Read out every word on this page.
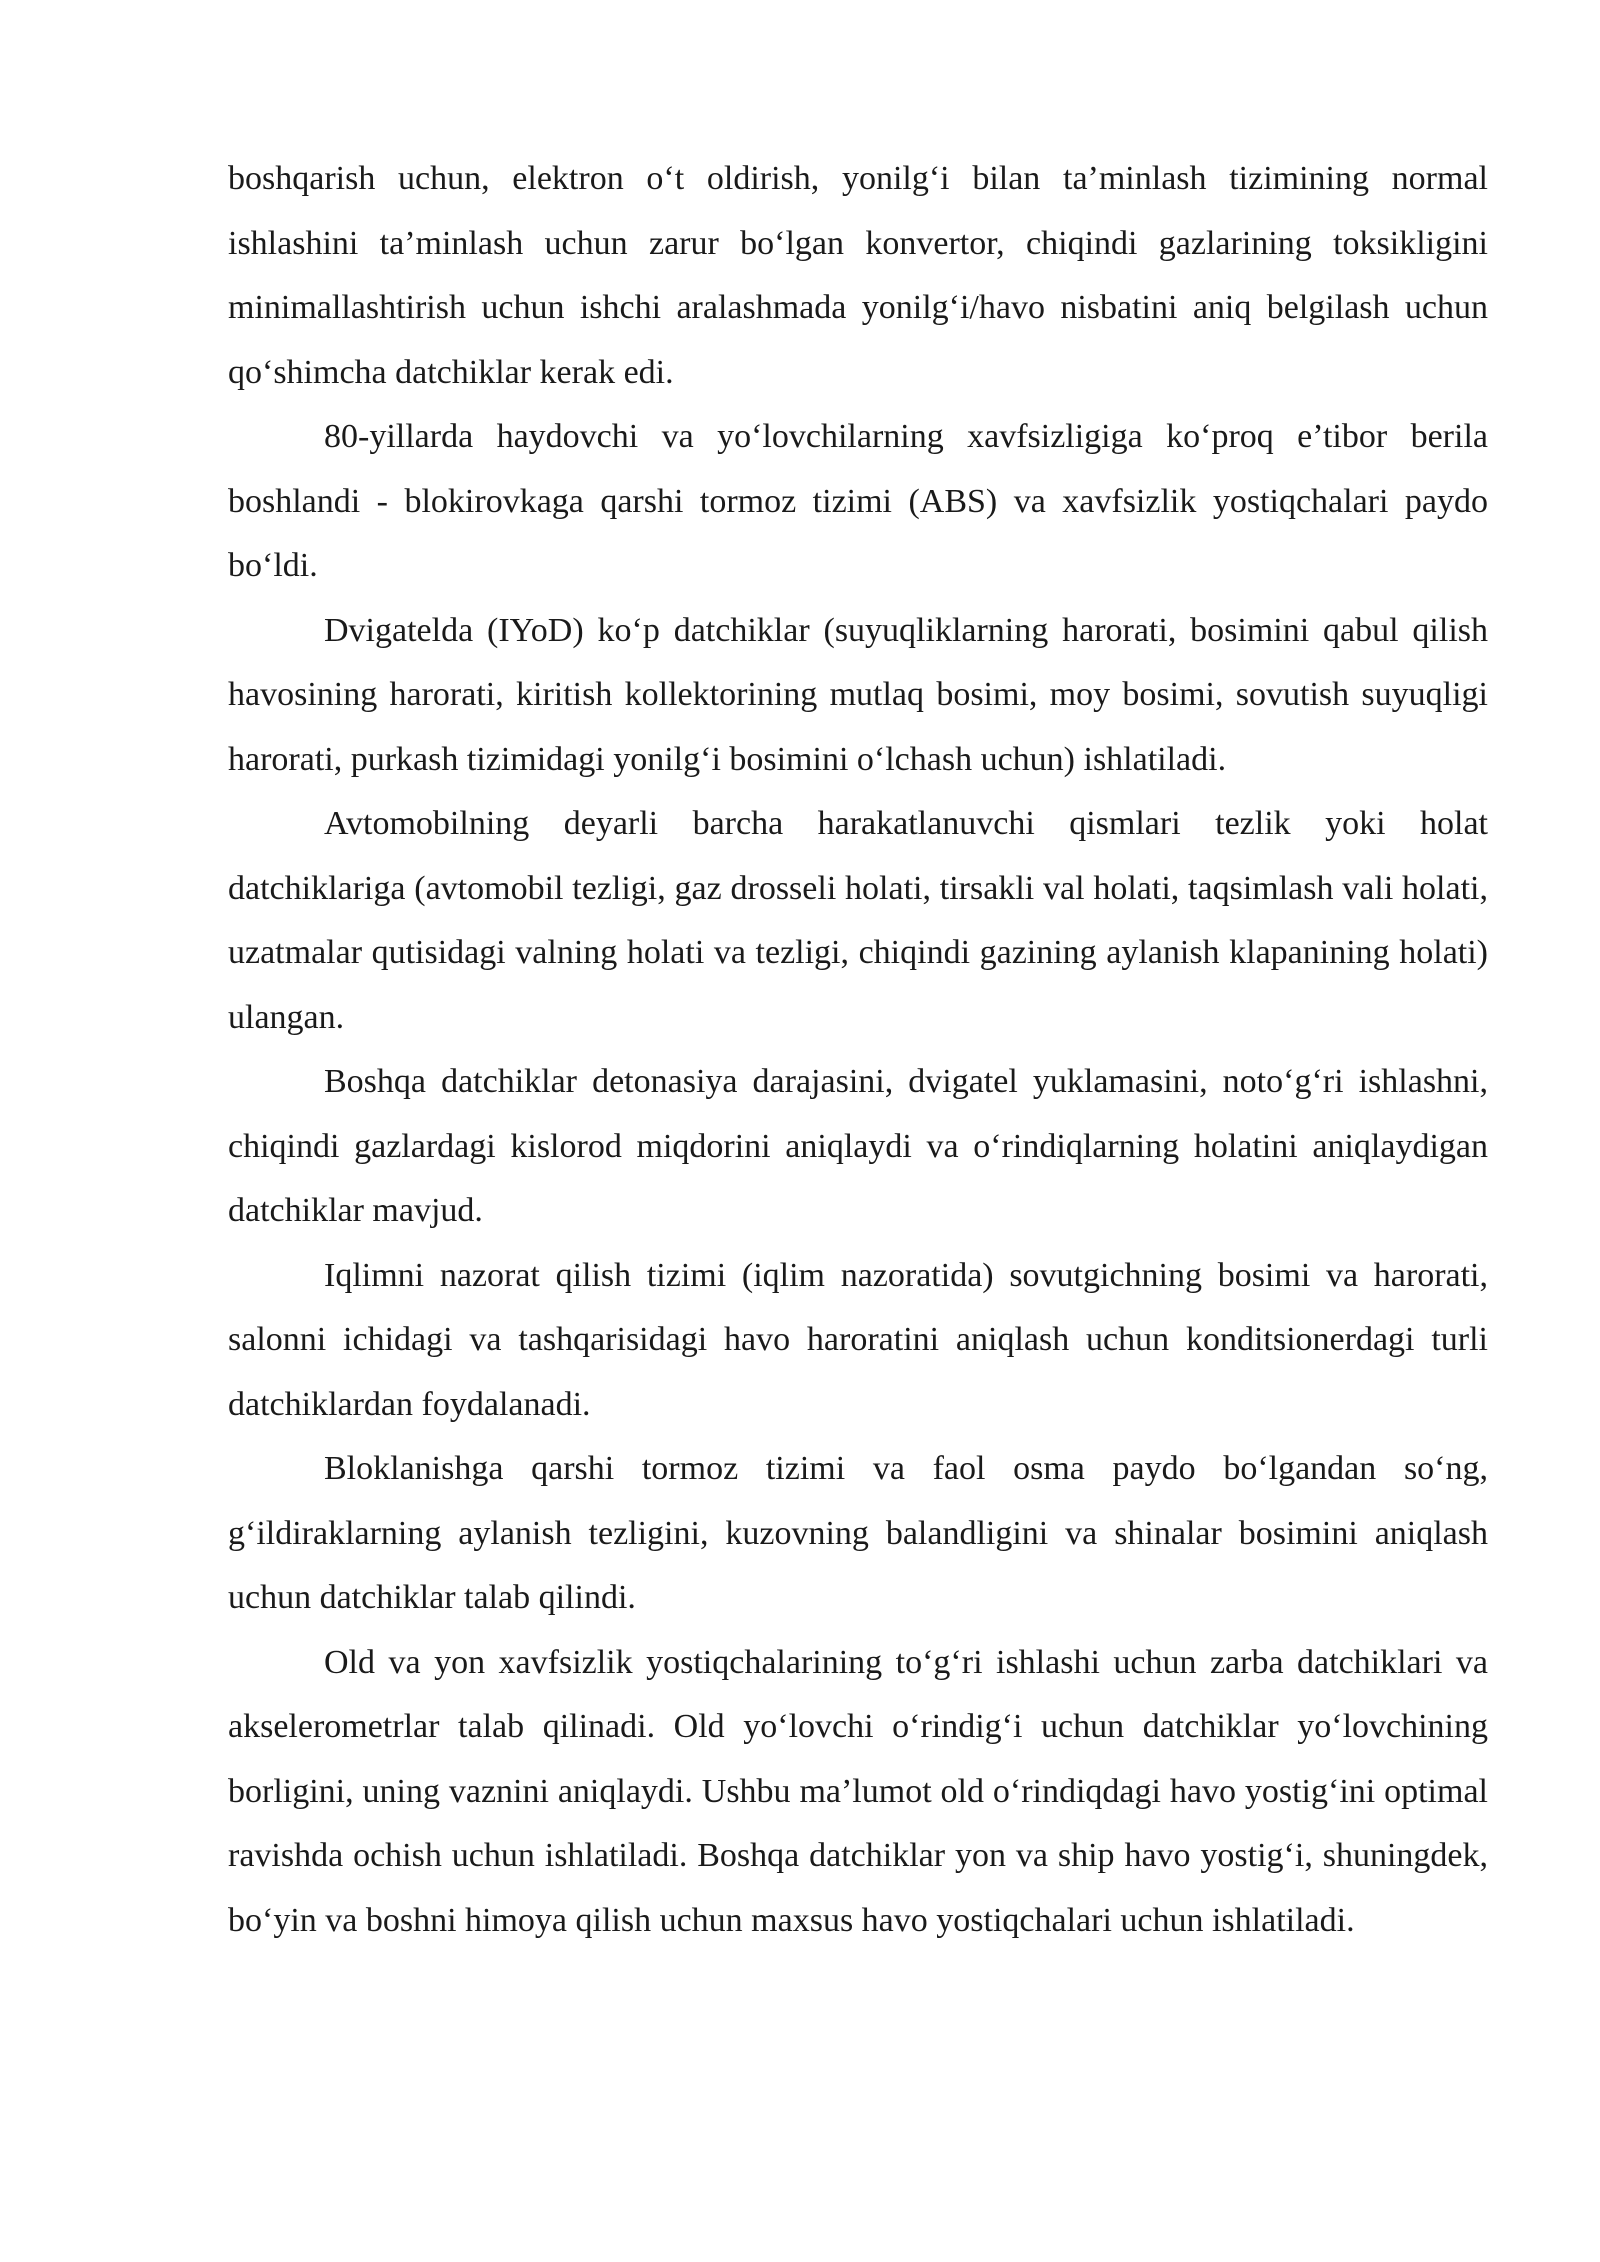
boshqarish uchun, elektron o‘t oldirish, yonilg‘i bilan ta’minlash tizimining normal ishlashini ta’minlash uchun zarur bo‘lgan konvertor, chiqindi gazlarining toksikligini minimallashtirish uchun ishchi aralashmada yonilg‘i/havo nisbatini aniq belgilash uchun qo‘shimcha datchiklar kerak edi.

80-yillarda haydovchi va yo‘lovchilarning xavfsizligiga ko‘proq e’tibor berila boshlandi - blokirovkaga qarshi tormoz tizimi (ABS) va xavfsizlik yostiqchalari paydo bo‘ldi.

Dvigatelda (IYoD) ko‘p datchiklar (suyuqliklarning harorati, bosimini qabul qilish havosining harorati, kiritish kollektorining mutlaq bosimi, moy bosimi, sovutish suyuqligi harorati, purkash tizimidagi yonilg‘i bosimini o‘lchash uchun) ishlatiladi.

Avtomobilning deyarli barcha harakatlanuvchi qismlari tezlik yoki holat datchiklariga (avtomobil tezligi, gaz drosseli holati, tirsakli val holati, taqsimlash vali holati, uzatmalar qutisidagi valning holati va tezligi, chiqindi gazining aylanish klapanining holati) ulangan.

Boshqa datchiklar detonasiya darajasini, dvigatel yuklamasini, noto‘g‘ri ishlashni, chiqindi gazlardagi kislorod miqdorini aniqlaydi va o‘rindiqlarning holatini aniqlaydigan datchiklar mavjud.

Iqlimni nazorat qilish tizimi (iqlim nazoratida) sovutgichning bosimi va harorati, salonni ichidagi va tashqarisidagi havo haroratini aniqlash uchun konditsionerdagi turli datchiklardan foydalanadi.

Bloklanishga qarshi tormoz tizimi va faol osma paydo bo‘lgandan so‘ng, g‘ildiraklarning aylanish tezligini, kuzovning balandligini va shinalar bosimini aniqlash uchun datchiklar talab qilindi.

Old va yon xavfsizlik yostiqchalarining to‘g‘ri ishlashi uchun zarba datchiklari va akselerometrlar talab qilinadi. Old yo‘lovchi o‘rindig‘i uchun datchiklar yo‘lovchining borligini, uning vaznini aniqlaydi. Ushbu ma’lumot old o‘rindiqdagi havo yostig‘ini optimal ravishda ochish uchun ishlatiladi. Boshqa datchiklar yon va ship havo yostig‘i, shuningdek, bo‘yin va boshni himoya qilish uchun maxsus havo yostiqchalari uchun ishlatiladi.
